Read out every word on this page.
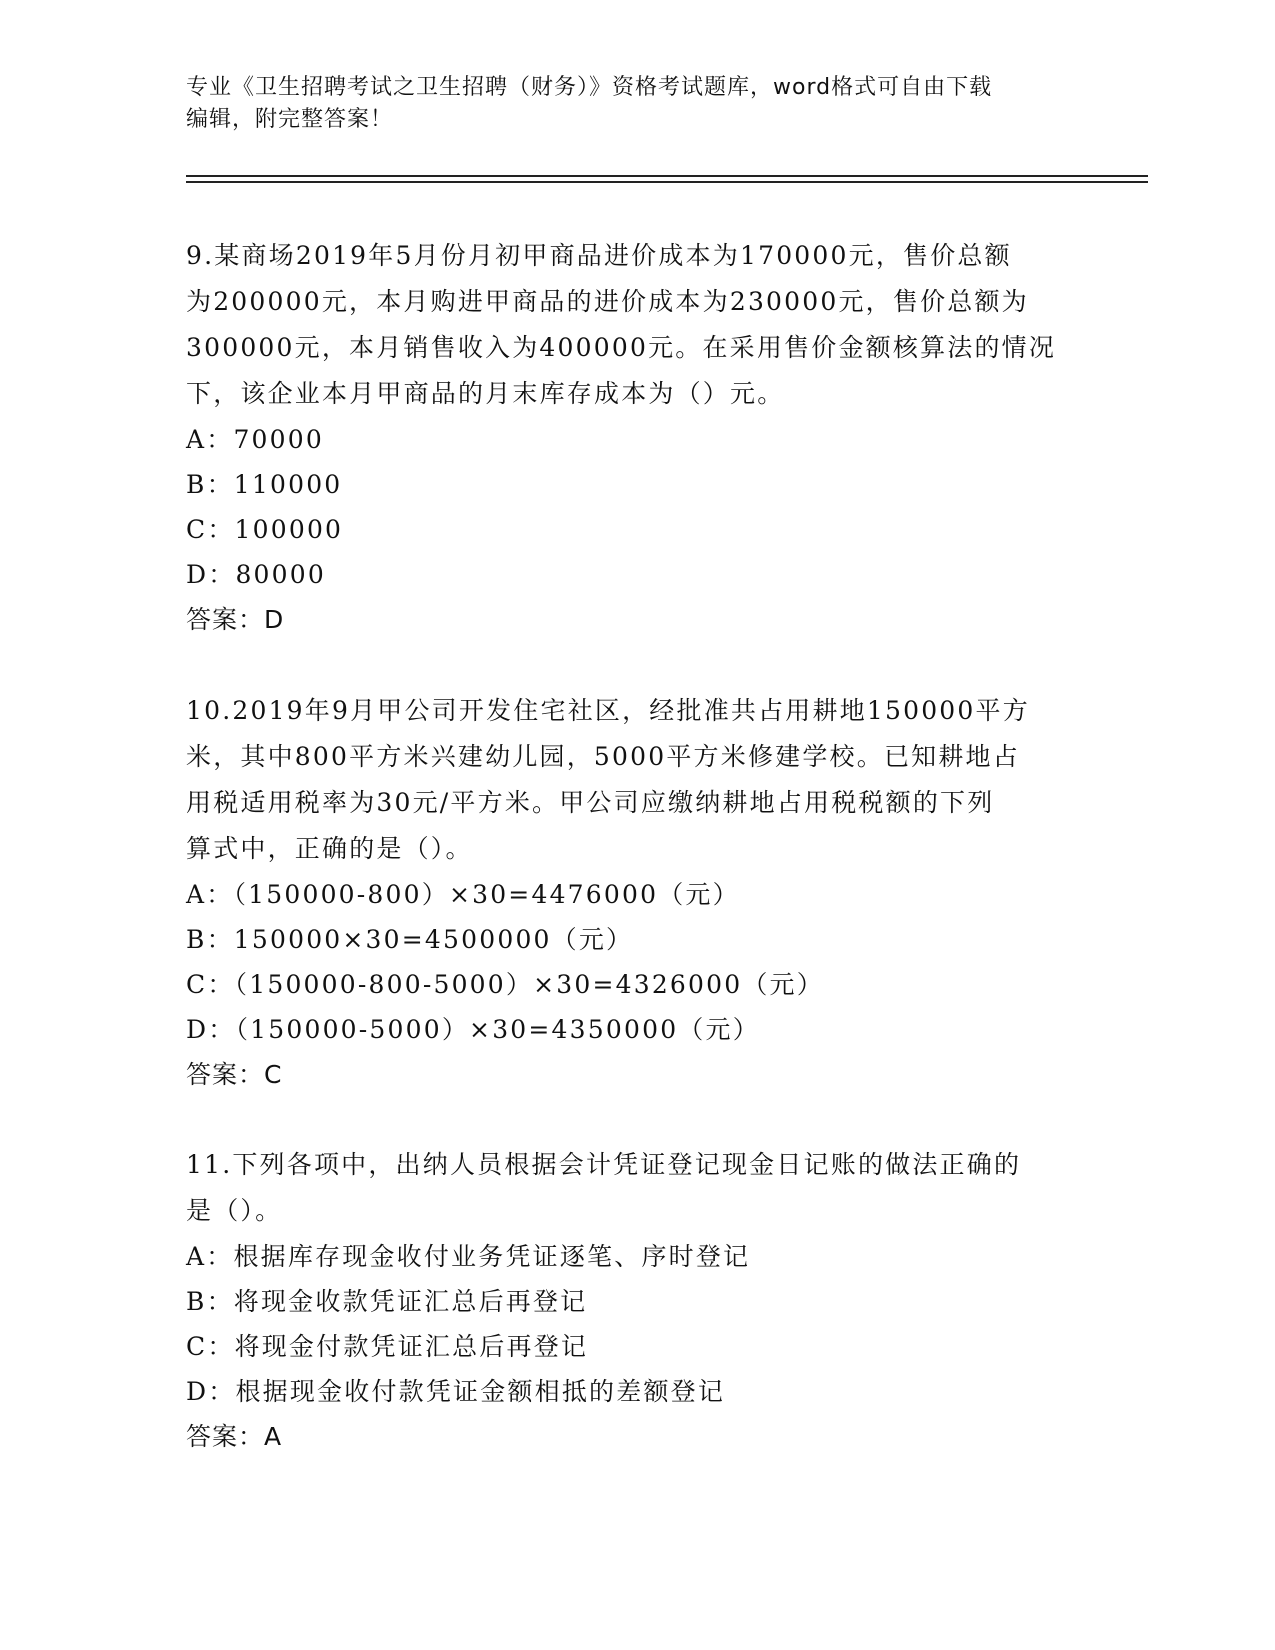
专业《卫生招聘考试之卫生招聘（财务）》资格考试题库，word格式可自由下载
编辑，附完整答案！
9.某商场2019年5月份月初甲商品进价成本为170000元，售价总额
为200000元，本月购进甲商品的进价成本为230000元，售价总额为
300000元，本月销售收入为400000元。在采用售价金额核算法的情况
下，该企业本月甲商品的月末库存成本为（）元。
A：70000
B：110000
C：100000
D：80000
答案：D
10.2019年9月甲公司开发住宅社区，经批准共占用耕地150000平方
米，其中800平方米兴建幼儿园，5000平方米修建学校。已知耕地占
用税适用税率为30元/平方米。甲公司应缴纳耕地占用税税额的下列
算式中，正确的是（）。
A：（150000-800）×30=4476000（元）
B：150000×30=4500000（元）
C：（150000-800-5000）×30=4326000（元）
D：（150000-5000）×30=4350000（元）
答案：C
11.下列各项中，出纳人员根据会计凭证登记现金日记账的做法正确的
是（）。
A：根据库存现金收付业务凭证逐笔、序时登记
B：将现金收款凭证汇总后再登记
C：将现金付款凭证汇总后再登记
D：根据现金收付款凭证金额相抵的差额登记
答案：A
